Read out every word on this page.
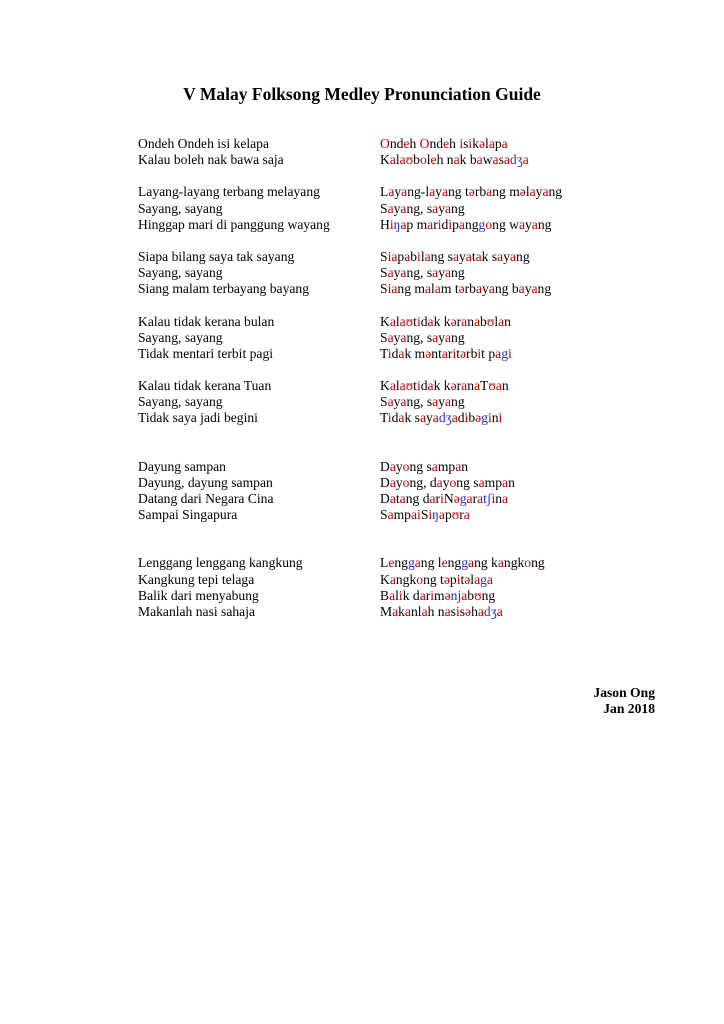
V Malay Folksong Medley Pronunciation Guide
Ondeh Ondeh isi kelapa	Ondeh Ondeh isikəlapa
Kalau boleh nak bawa saja	Kalaʊboleh nak bawasadʒa
Layang-layang terbang melayang	Layang-layang tərbang məlayang
Sayang, sayang	Sayang, sayang
Hinggap mari di panggung wayang	Hiŋap maridipanggong wayang
Siapa bilang saya tak sayang	Siapabilang sayatak sayang
Sayang, sayang	Sayang, sayang
Siang malam terbayang bayang	Siang malam tərbayang bayang
Kalau tidak kerana bulan	Kalaʊtidak kəranabʊlan
Sayang, sayang	Sayang, sayang
Tidak mentari terbit pagi	Tidak məntaritərbit pagi
Kalau tidak kerana Tuan	Kalaʊtidak kəranaTʊan
Sayang, sayang	Sayang, sayang
Tidak saya jadi begini	Tidak sayadʒadibəgini
Dayung sampan	Dayong sampan
Dayung, dayung sampan	Dayong, dayong sampan
Datang dari Negara Cina	Datang dariNəgaratʃina
Sampai Singapura	SampaiSiŋapʊra
Lenggang lenggang kangkung	Lenggang lenggang kangkong
Kangkung tepi telaga	Kangkong təpitəlaga
Balik dari menyabung	Balik darimənjabʊng
Makanlah nasi sahaja	Makanlah nasisəhadʒa
Jason Ong
Jan 2018
